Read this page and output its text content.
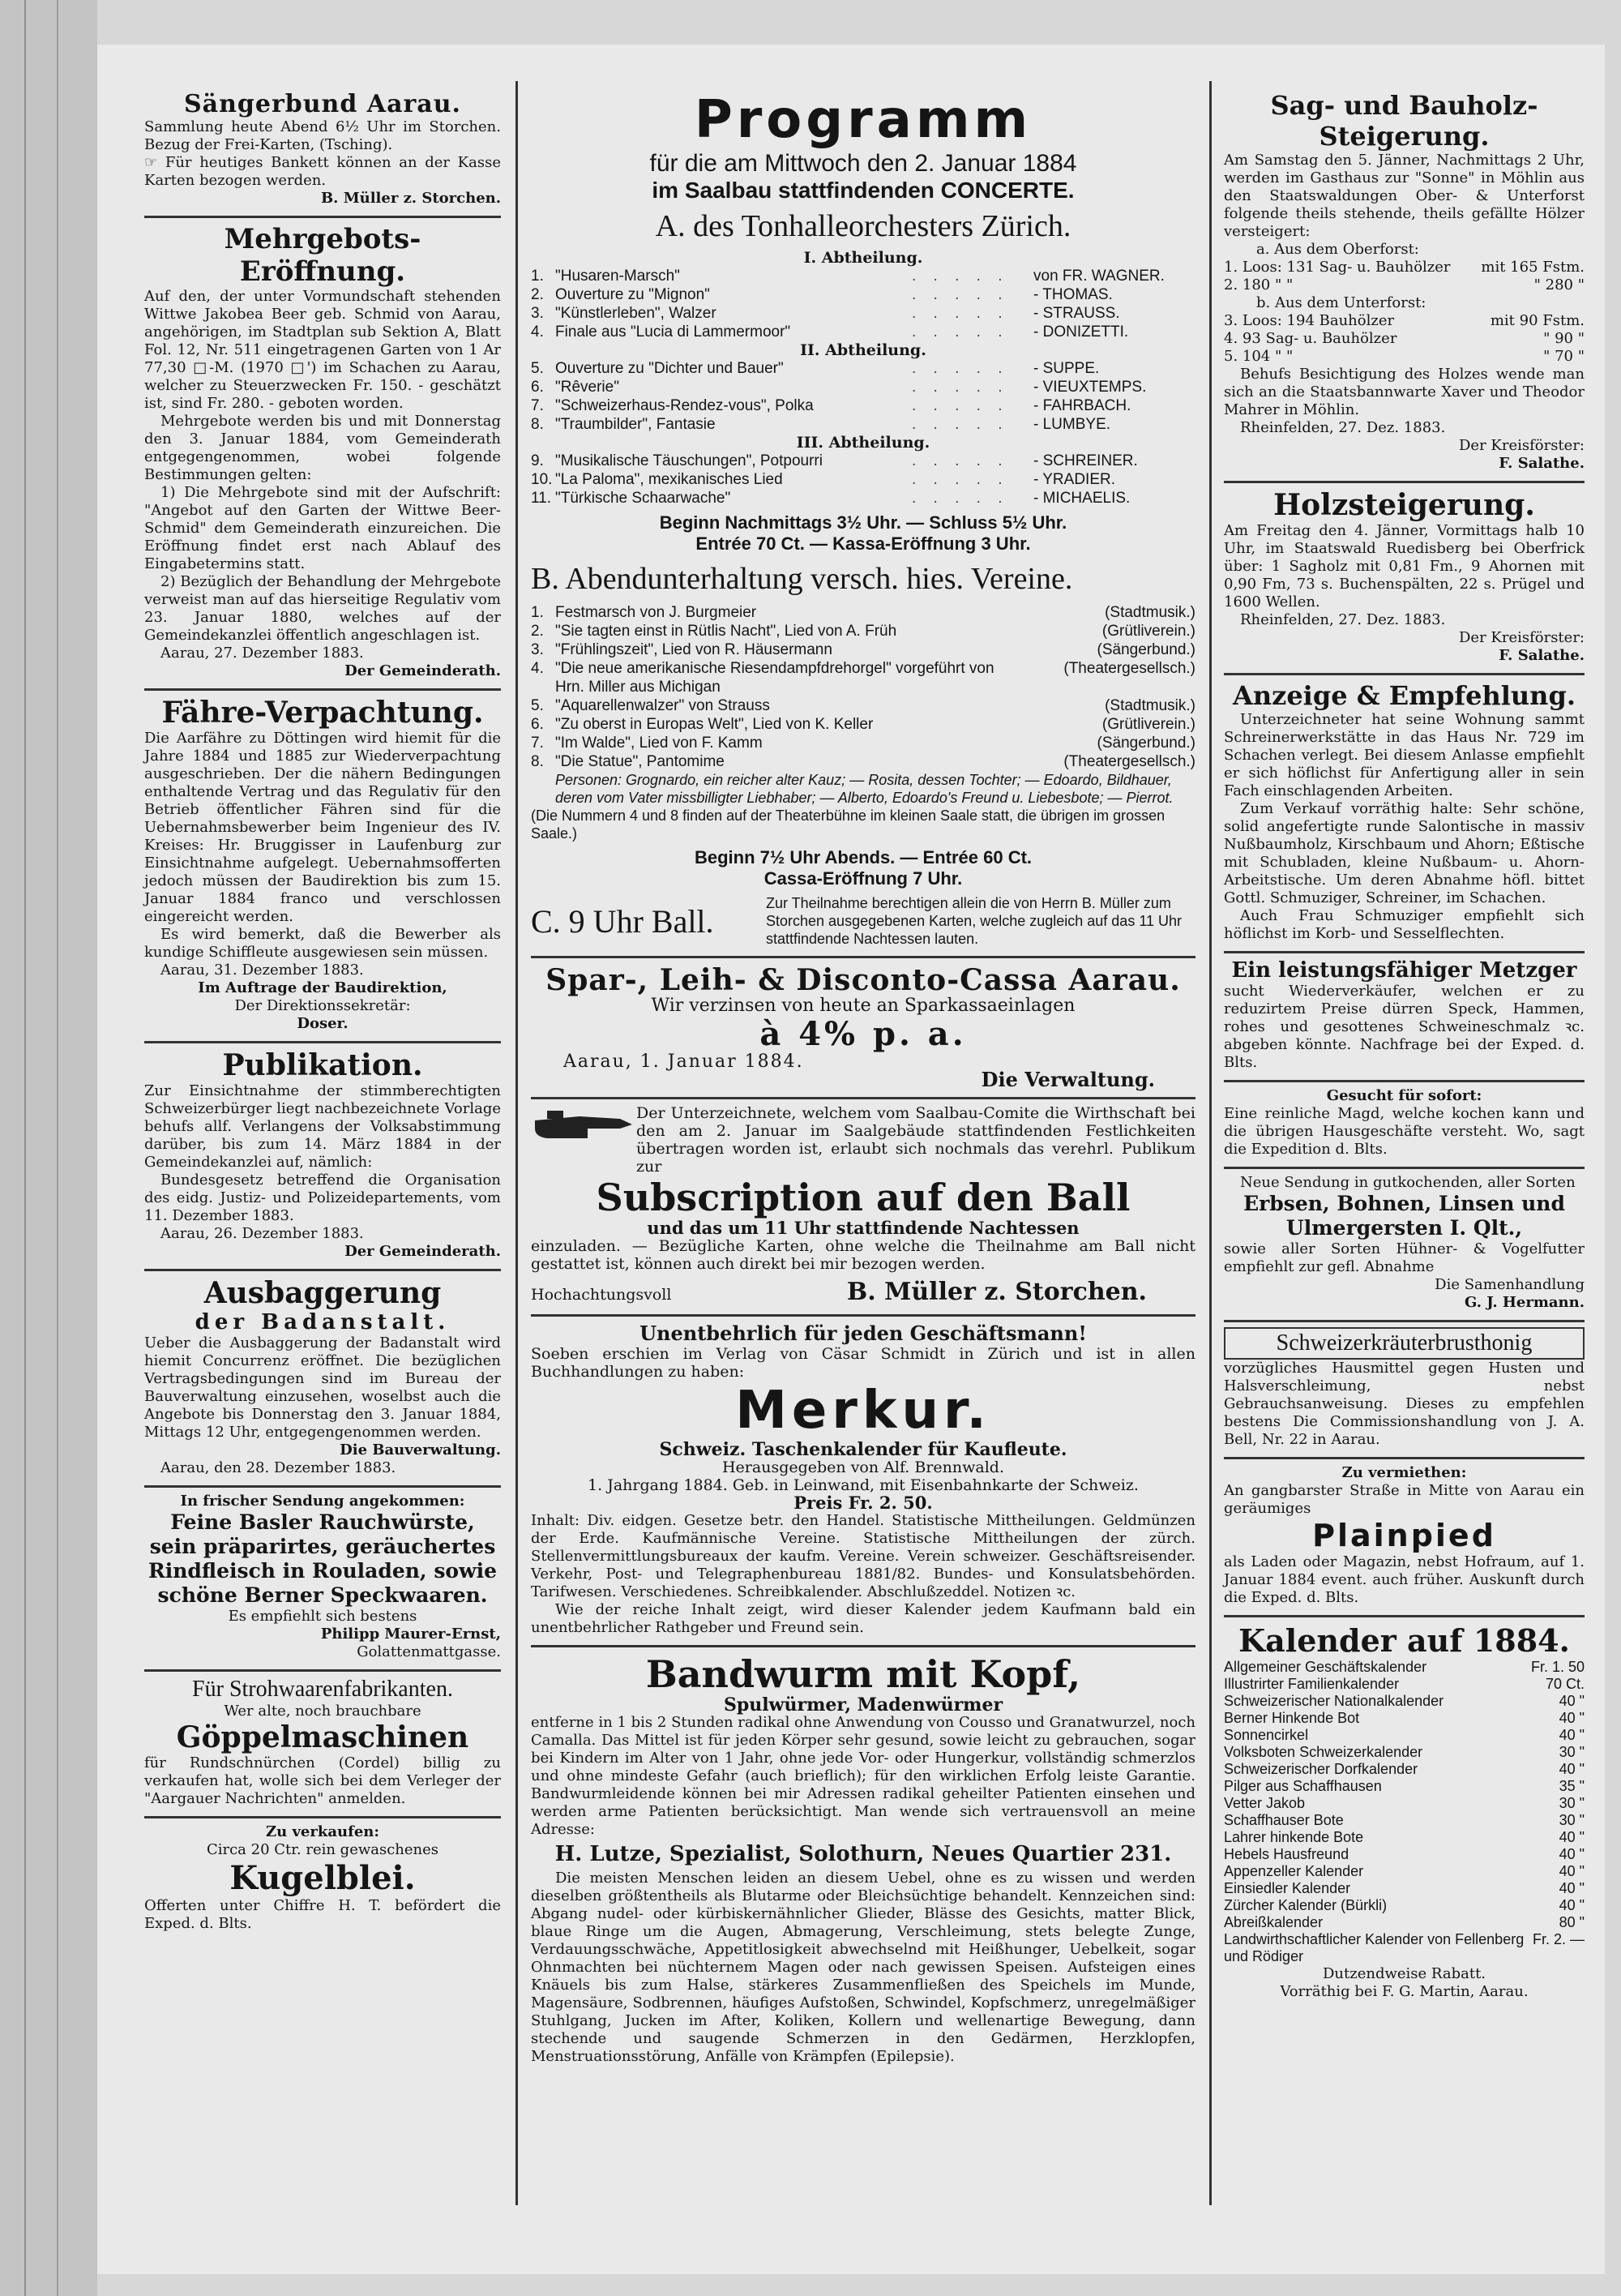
Sängerbund Aarau.
Sammlung heute Abend 6½ Uhr im Storchen. Bezug der Frei-Karten, (Tsching).
☞ Für heutiges Bankett können an der Kasse Karten bezogen werden.
B. Müller z. Storchen.
Mehrgebots-Eröffnung.
Auf den, der unter Vormundschaft stehenden Wittwe Jakobea Beer geb. Schmid von Aarau, angehörigen, im Stadtplan sub Sektion A, Blatt Fol. 12, Nr. 511 eingetragenen Garten von 1 Ar 77,30 □-M. (1970 □') im Schachen zu Aarau, welcher zu Steuerzwecken Fr. 150. - geschätzt ist, sind Fr. 280. - geboten worden.
Mehrgebote werden bis und mit Donnerstag den 3. Januar 1884, vom Gemeinderath entgegengenommen, wobei folgende Bestimmungen gelten:
1) Die Mehrgebote sind mit der Aufschrift: "Angebot auf den Garten der Wittwe Beer-Schmid" dem Gemeinderath einzureichen. Die Eröffnung findet erst nach Ablauf des Eingabetermins statt.
2) Bezüglich der Behandlung der Mehrgebote verweist man auf das hierseitige Regulativ vom 23. Januar 1880, welches auf der Gemeindekanzlei öffentlich angeschlagen ist.
Aarau, 27. Dezember 1883.
Der Gemeinderath.
Fähre-Verpachtung.
Die Aarfähre zu Döttingen wird hiemit für die Jahre 1884 und 1885 zur Wiederverpachtung ausgeschrieben. Der die nähern Bedingungen enthaltende Vertrag und das Regulativ für den Betrieb öffentlicher Fähren sind für die Uebernahmsbewerber beim Ingenieur des IV. Kreises: Hr. Bruggisser in Laufenburg zur Einsichtnahme aufgelegt. Uebernahmsofferten jedoch müssen der Baudirektion bis zum 15. Januar 1884 franco und verschlossen eingereicht werden.
Es wird bemerkt, daß die Bewerber als kundige Schiffleute ausgewiesen sein müssen.
Aarau, 31. Dezember 1883.
Im Auftrage der Baudirektion,
Der Direktionssekretär:
Doser.
Publikation.
Zur Einsichtnahme der stimmberechtigten Schweizerbürger liegt nachbezeichnete Vorlage behufs allf. Verlangens der Volksabstimmung darüber, bis zum 14. März 1884 in der Gemeindekanzlei auf, nämlich:
Bundesgesetz betreffend die Organisation des eidg. Justiz- und Polizeidepartements, vom 11. Dezember 1883.
Aarau, 26. Dezember 1883.
Der Gemeinderath.
Ausbaggerung
der Badanstalt.
Ueber die Ausbaggerung der Badanstalt wird hiemit Concurrenz eröffnet. Die bezüglichen Vertragsbedingungen sind im Bureau der Bauverwaltung einzusehen, woselbst auch die Angebote bis Donnerstag den 3. Januar 1884, Mittags 12 Uhr, entgegengenommen werden.
Die Bauverwaltung.
Aarau, den 28. Dezember 1883.
In frischer Sendung angekommen:
Feine Basler Rauchwürste, sein präparirtes, geräuchertes Rindfleisch in Rouladen, sowie schöne Berner Speckwaaren.
Es empfiehlt sich bestens
Philipp Maurer-Ernst,
Golattenmattgasse.
Für Strohwaarenfabrikanten.
Wer alte, noch brauchbare
Göppelmaschinen
für Rundschnürchen (Cordel) billig zu verkaufen hat, wolle sich bei dem Verleger der "Aargauer Nachrichten" anmelden.
Zu verkaufen:
Circa 20 Ctr. rein gewaschenes
Kugelblei.
Offerten unter Chiffre H. T. befördert die Exped. d. Blts.
Programm
für die am Mittwoch den 2. Januar 1884
im Saalbau stattfindenden CONCERTE.
A. des Tonhalleorchesters Zürich.
I. Abtheilung.
1. "Husaren-Marsch"	. . . . .	von FR. WAGNER.
2. Ouverture zu "Mignon"	. . . . .	- THOMAS.
3. "Künstlerleben", Walzer	. . . . .	- STRAUSS.
4. Finale aus "Lucia di Lammermoor"	. . . . .	- DONIZETTI.
II. Abtheilung.
5. Ouverture zu "Dichter und Bauer"	. . . . .	- SUPPE.
6. "Rêverie"	. . . . .	- VIEUXTEMPS.
7. "Schweizerhaus-Rendez-vous", Polka	. . . . .	- FAHRBACH.
8. "Traumbilder", Fantasie	. . . . .	- LUMBYE.
III. Abtheilung.
9. "Musikalische Täuschungen", Potpourri	. . . . .	- SCHREINER.
10. "La Paloma", mexikanisches Lied	. . . . .	- YRADIER.
11. "Türkische Schaarwache"	. . . . .	- MICHAELIS.
Beginn Nachmittags 3½ Uhr. — Schluss 5½ Uhr.
Entrée 70 Ct. — Kassa-Eröffnung 3 Uhr.
B. Abendunterhaltung versch. hies. Vereine.
1. Festmarsch von J. Burgmeier	(Stadtmusik.)
2. "Sie tagten einst in Rütlis Nacht", Lied von A. Früh	(Grütliverein.)
3. "Frühlingszeit", Lied von R. Häusermann	(Sängerbund.)
4. "Die neue amerikanische Riesendampfdrehorgel" vorgeführt von Hrn. Miller aus Michigan
(Theatergesellsch.)
5. "Aquarellenwalzer" von Strauss	(Stadtmusik.)
6. "Zu oberst in Europas Welt", Lied von K. Keller	(Grütliverein.)
7. "Im Walde", Lied von F. Kamm	(Sängerbund.)
8. "Die Statue", Pantomime	(Theatergesellsch.)
Personen: Grognardo, ein reicher alter Kauz; — Rosita, dessen Tochter; — Edoardo, Bildhauer, deren vom Vater missbilligter Liebhaber; — Alberto, Edoardo's Freund u. Liebesbote; — Pierrot.
(Die Nummern 4 und 8 finden auf der Theaterbühne im kleinen Saale statt, die übrigen im grossen Saale.)
Beginn 7½ Uhr Abends. — Entrée 60 Ct.
Cassa-Eröffnung 7 Uhr.
C. 9 Uhr Ball.	Zur Theilnahme berechtigen allein die von Herrn B. Müller zum Storchen ausgegebenen Karten, welche zugleich auf das 11 Uhr stattfindende Nachtessen lauten.
Spar-, Leih- & Disconto-Cassa Aarau.
Wir verzinsen von heute an Sparkassaeinlagen
à 4% p. a.
Aarau, 1. Januar 1884.
Die Verwaltung.
Der Unterzeichnete, welchem vom Saalbau-Comite die Wirthschaft bei den am 2. Januar im Saalgebäude stattfindenden Festlichkeiten übertragen worden ist, erlaubt sich nochmals das verehrl. Publikum zur
Subscription auf den Ball
und das um 11 Uhr stattfindende Nachtessen
einzuladen. — Bezügliche Karten, ohne welche die Theilnahme am Ball nicht gestattet ist, können auch direkt bei mir bezogen werden.
Hochachtungsvoll	B. Müller z. Storchen.
Unentbehrlich für jeden Geschäftsmann!
Soeben erschien im Verlag von Cäsar Schmidt in Zürich und ist in allen Buchhandlungen zu haben:
Merkur.
Schweiz. Taschenkalender für Kaufleute.
Herausgegeben von Alf. Brennwald.
1. Jahrgang 1884. Geb. in Leinwand, mit Eisenbahnkarte der Schweiz.
Preis Fr. 2. 50.
Inhalt: Div. eidgen. Gesetze betr. den Handel. Statistische Mittheilungen. Geldmünzen der Erde. Kaufmännische Vereine. Statistische Mittheilungen der zürch. Stellenvermittlungsbureaux der kaufm. Vereine. Verein schweizer. Geschäftsreisender. Verkehr, Post- und Telegraphenbureau 1881/82. Bundes- und Konsulatsbehörden. Tarifwesen. Verschiedenes. Schreibkalender. Abschlußzeddel. Notizen ꝛc.
Wie der reiche Inhalt zeigt, wird dieser Kalender jedem Kaufmann bald ein unentbehrlicher Rathgeber und Freund sein.
Bandwurm mit Kopf,
Spulwürmer, Madenwürmer
entferne in 1 bis 2 Stunden radikal ohne Anwendung von Cousso und Granatwurzel, noch Camalla. Das Mittel ist für jeden Körper sehr gesund, sowie leicht zu gebrauchen, sogar bei Kindern im Alter von 1 Jahr, ohne jede Vor- oder Hungerkur, vollständig schmerzlos und ohne mindeste Gefahr (auch brieflich); für den wirklichen Erfolg leiste Garantie. Bandwurmleidende können bei mir Adressen radikal geheilter Patienten einsehen und werden arme Patienten berücksichtigt. Man wende sich vertrauensvoll an meine Adresse:
H. Lutze, Spezialist, Solothurn, Neues Quartier 231.
Die meisten Menschen leiden an diesem Uebel, ohne es zu wissen und werden dieselben größtentheils als Blutarme oder Bleichsüchtige behandelt. Kennzeichen sind: Abgang nudel- oder kürbiskernähnlicher Glieder, Blässe des Gesichts, matter Blick, blaue Ringe um die Augen, Abmagerung, Verschleimung, stets belegte Zunge, Verdauungsschwäche, Appetitlosigkeit abwechselnd mit Heißhunger, Uebelkeit, sogar Ohnmachten bei nüchternem Magen oder nach gewissen Speisen. Aufsteigen eines Knäuels bis zum Halse, stärkeres Zusammenfließen des Speichels im Munde, Magensäure, Sodbrennen, häufiges Aufstoßen, Schwindel, Kopfschmerz, unregelmäßiger Stuhlgang, Jucken im After, Koliken, Kollern und wellenartige Bewegung, dann stechende und saugende Schmerzen in den Gedärmen, Herzklopfen, Menstruationsstörung, Anfälle von Krämpfen (Epilepsie).
Sag- und Bauholz-
Steigerung.
Am Samstag den 5. Jänner, Nachmittags 2 Uhr, werden im Gasthaus zur "Sonne" in Möhlin aus den Staatswaldungen Ober- & Unterforst folgende theils stehende, theils gefällte Hölzer versteigert:
a. Aus dem Oberforst:
1. Loos: 131 Sag- u. Bauhölzer	mit 165 Fstm.
2. 180 " "	" 280 "
b. Aus dem Unterforst:
3. Loos: 194 Bauhölzer	mit 90 Fstm.
4. 93 Sag- u. Bauhölzer	" 90 "
5. 104 " "	" 70 "
Behufs Besichtigung des Holzes wende man sich an die Staatsbannwarte Xaver und Theodor Mahrer in Möhlin.
Rheinfelden, 27. Dez. 1883.
Der Kreisförster:
F. Salathe.
Holzsteigerung.
Am Freitag den 4. Jänner, Vormittags halb 10 Uhr, im Staatswald Ruedisberg bei Oberfrick über: 1 Sagholz mit 0,81 Fm., 9 Ahornen mit 0,90 Fm, 73 s. Buchenspälten, 22 s. Prügel und 1600 Wellen.
Rheinfelden, 27. Dez. 1883.
Der Kreisförster:
F. Salathe.
Anzeige & Empfehlung.
Unterzeichneter hat seine Wohnung sammt Schreinerwerkstätte in das Haus Nr. 729 im Schachen verlegt. Bei diesem Anlasse empfiehlt er sich höflichst für Anfertigung aller in sein Fach einschlagenden Arbeiten.
Zum Verkauf vorräthig halte: Sehr schöne, solid angefertigte runde Salontische in massiv Nußbaumholz, Kirschbaum und Ahorn; Eßtische mit Schubladen, kleine Nußbaum- u. Ahorn-Arbeitstische. Um deren Abnahme höfl. bittet Gottl. Schmuziger, Schreiner, im Schachen.
Auch Frau Schmuziger empfiehlt sich höflichst im Korb- und Sesselflechten.
Ein leistungsfähiger Metzger
sucht Wiederverkäufer, welchen er zu reduzirtem Preise dürren Speck, Hammen, rohes und gesottenes Schweineschmalz ꝛc. abgeben könnte. Nachfrage bei der Exped. d. Blts.
Gesucht für sofort:
Eine reinliche Magd, welche kochen kann und die übrigen Hausgeschäfte versteht. Wo, sagt die Expedition d. Blts.
Neue Sendung in gutkochenden, aller Sorten
Erbsen, Bohnen, Linsen und Ulmergersten I. Qlt.,
sowie aller Sorten Hühner- & Vogelfutter empfiehlt zur gefl. Abnahme
Die Samenhandlung
G. J. Hermann.
Schweizerkräuterbrusthonig
vorzügliches Hausmittel gegen Husten und Halsverschleimung, nebst Gebrauchsanweisung. Dieses zu empfehlen bestens Die Commissionshandlung von J. A. Bell, Nr. 22 in Aarau.
Zu vermiethen:
An gangbarster Straße in Mitte von Aarau ein geräumiges
Plainpied
als Laden oder Magazin, nebst Hofraum, auf 1. Januar 1884 event. auch früher. Auskunft durch die Exped. d. Blts.
Kalender auf 1884.
Allgemeiner Geschäftskalender	Fr. 1. 50
Illustrirter Familienkalender	70 Ct.
Schweizerischer Nationalkalender	40 "
Berner Hinkende Bot	40 "
Sonnencirkel	40 "
Volksboten Schweizerkalender	30 "
Schweizerischer Dorfkalender	40 "
Pilger aus Schaffhausen	35 "
Vetter Jakob	30 "
Schaffhauser Bote	30 "
Lahrer hinkende Bote	40 "
Hebels Hausfreund	40 "
Appenzeller Kalender	40 "
Einsiedler Kalender	40 "
Zürcher Kalender (Bürkli)	40 "
Abreißkalender	80 "
Landwirthschaftlicher Kalender von Fellenberg und Rödiger
Fr. 2. —
Dutzendweise Rabatt.
Vorräthig bei F. G. Martin, Aarau.
